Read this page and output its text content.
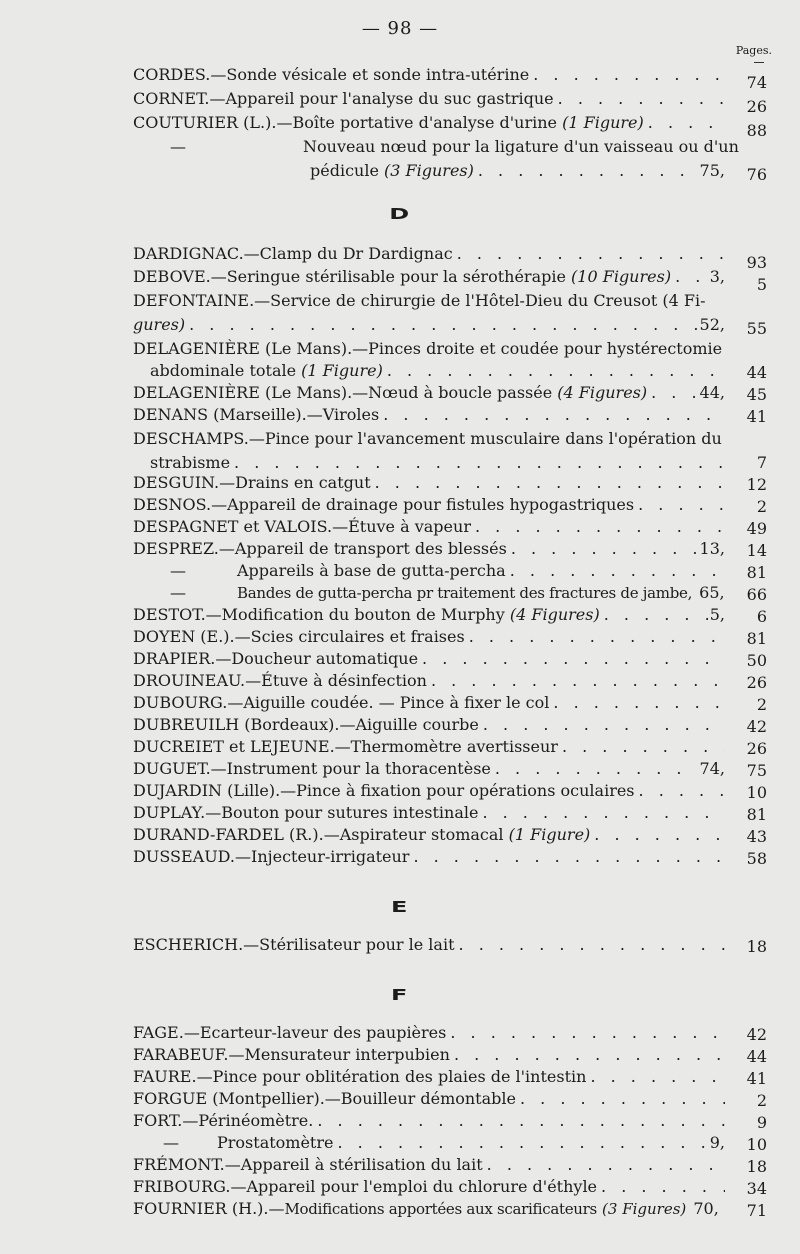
— 98 —
Pages.
CORDES. — Sonde vésicale et sonde intra-utérine . . .	74
CORNET. — Appareil pour l'analyse du suc gastrique . . .	26
COUTURIER (L.). — Boîte portative d'analyse d'urine
(1 Figure) . . .	88
—	Nouveau nœud pour la ligature d'un vaisseau ou d'un
pédicule
(3 Figures) . . .	75,	76
D
DARDIGNAC. — Clamp du Dr Dardignac . . .	93
DEBOVE. — Seringue stérilisable pour la sérothérapie
(10 Figures) . . . 3,	5
DEFONTAINE. — Service de chirurgie de l'Hôtel-Dieu du Creusot (4 Fi-
gures) . . .	52,	55
DELAGENIÈRE (Le Mans). — Pinces droite et coudée pour hystérectomie
abdominale totale
(1 Figure) . . .	44
DELAGENIÈRE (Le Mans). — Nœud à boucle passée
(4 Figures) . . .	44,	45
DENANS (Marseille). — Viroles . . .	41
DESCHAMPS. — Pince pour l'avancement musculaire dans l'opération du
strabisme . . .	7
DESGUIN. — Drains en catgut . . .	12
DESNOS. — Appareil de drainage pour fistules hypogastriques . . .	2
DESPAGNET et VALOIS. — Étuve à vapeur . . .	49
DESPREZ. — Appareil de transport des blessés . . .	13,	14
—	Appareils à base de gutta-percha . . .	81
—	Bandes de gutta-percha pr traitement des fractures de jambe,
65,	66
DESTOT. — Modification du bouton de Murphy
(4 Figures) . . .	5,	6
DOYEN (E.). — Scies circulaires et fraises . . .	81
DRAPIER. — Doucheur automatique . . .	50
DROUINEAU. — Étuve à désinfection . . .	26
DUBOURG. — Aiguille coudée. — Pince à fixer le col . . .	2
DUBREUILH (Bordeaux). — Aiguille courbe . . .	42
DUCREIET et LEJEUNE. — Thermomètre avertisseur . . .	26
DUGUET. — Instrument pour la thoracentèse . . .	74,	75
DUJARDIN (Lille). — Pince à fixation pour opérations oculaires . . .	10
DUPLAY. — Bouton pour sutures intestinale . . .	81
DURAND-FARDEL (R.). — Aspirateur stomacal
(1 Figure) . . .	43
DUSSEAUD. — Injecteur-irrigateur . . .	58
E
ESCHERICH. — Stérilisateur pour le lait . . .	18
F
FAGE. — Ecarteur-laveur des paupières . . .	42
FARABEUF. — Mensurateur interpubien . . .	44
FAURE. — Pince pour oblitération des plaies de l'intestin . . .	41
FORGUE (Montpellier). — Bouilleur démontable . . .	2
FORT. — Périnéomètre. . . .	9
—	Prostatomètre . . .	9,	10
FRÉMONT. — Appareil à stérilisation du lait . . .	18
FRIBOURG. — Appareil pour l'emploi du chlorure d'éthyle . . .	34
FOURNIER (H.). — Modifications apportées aux scarificateurs
(3 Figures)
70,	71
